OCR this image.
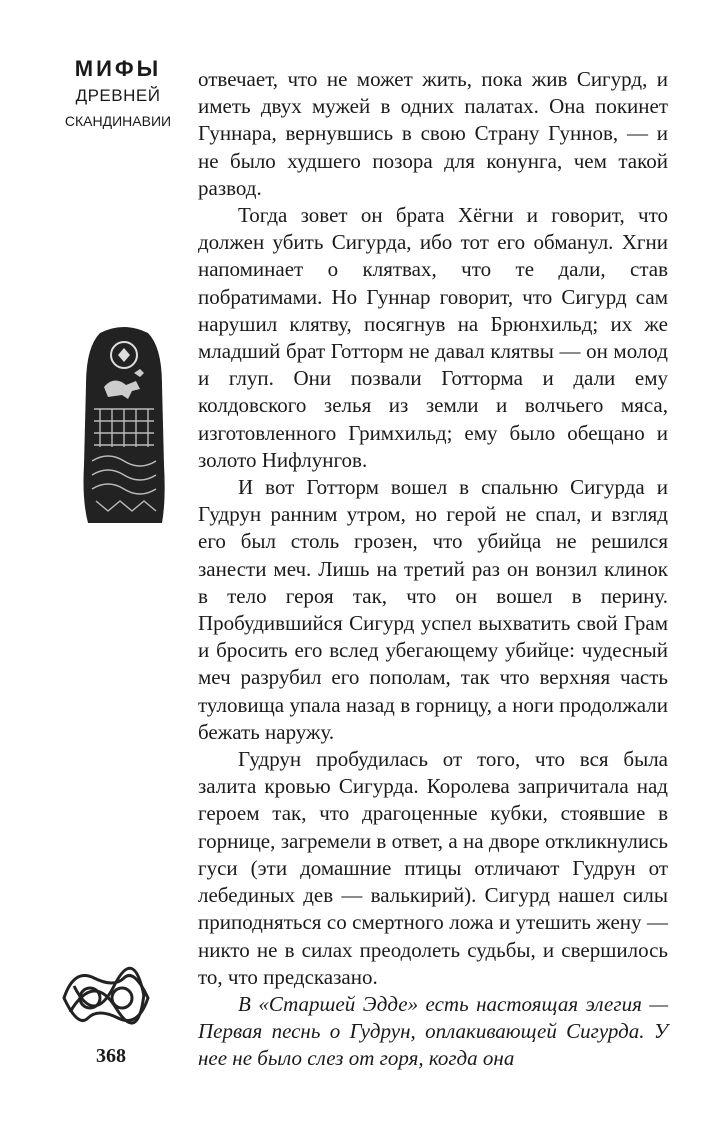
МИФЫ
ДРЕВНЕЙ
СКАНДИНАВИИ

отвечает, что не может жить, пока жив Сигурд, и иметь двух мужей в одних палатах. Она покинет Гуннара, вернувшись в свою Страну Гуннов, — и не было худшего позора для конунга, чем такой развод.

Тогда зовет он брата Хёгни и говорит, что должен убить Сигурда, ибо тот его обманул. Хгни напоминает о клятвах, что те дали, став побратимами. Но Гуннар говорит, что Сигурд сам нарушил клятву, посягнув на Брюнхильд; их же младший брат Готторм не давал клятвы — он молод и глуп. Они позвали Готторма и дали ему колдовского зелья из земли и волчьего мяса, изготовленного Гримхильд; ему было обещано и золото Нифлунгов.

И вот Готторм вошел в спальню Сигурда и Гудрун ранним утром, но герой не спал, и взгляд его был столь грозен, что убийца не решился занести меч. Лишь на третий раз он вонзил клинок в тело героя так, что он вошел в перину. Пробудившийся Сигурд успел выхватить свой Грам и бросить его вслед убегающему убийце: чудесный меч разрубил его пополам, так что верхняя часть туловища упала назад в горницу, а ноги продолжали бежать наружу.

Гудрун пробудилась от того, что вся была залита кровью Сигурда. Королева запричитала над героем так, что драгоценные кубки, стоявшие в горнице, загремели в ответ, а на дворе откликнулись гуси (эти домашние птицы отличают Гудрун от лебединых дев — валькирий). Сигурд нашел силы приподняться со смертного ложа и утешить жену — никто не в силах преодолеть судьбы, и свершилось то, что предсказано.

В «Старшей Эдде» есть настоящая элегия — Первая песнь о Гудрун, оплакивающей Сигурда. У нее не было слез от горя, когда она

368
